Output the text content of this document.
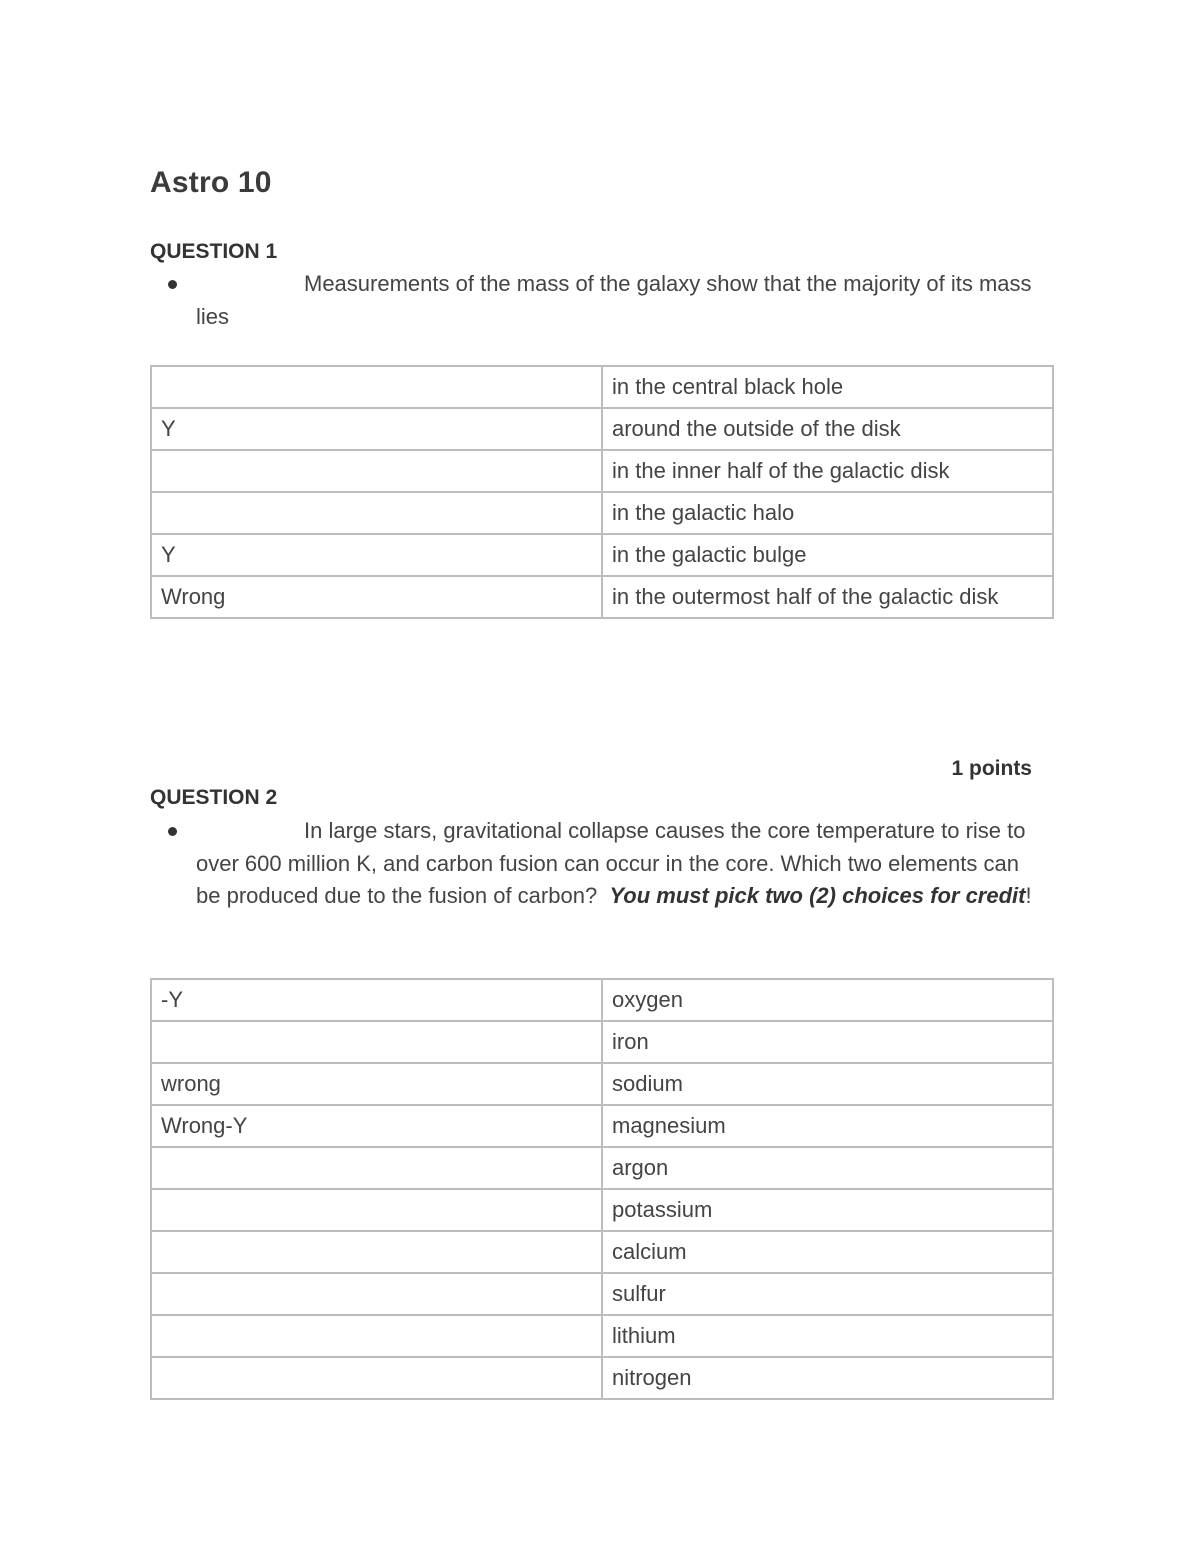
Astro 10
QUESTION 1

Measurements of the mass of the galaxy show that the majority of its mass lies

	in the central black hole
Y	around the outside of the disk
	in the inner half of the galactic disk
	in the galactic halo
Y	in the galactic bulge
Wrong	in the outermost half of the galactic disk
1 points
QUESTION 2

In large stars, gravitational collapse causes the core temperature to rise to over 600 million K, and carbon fusion can occur in the core. Which two elements can be produced due to the fusion of carbon? You must pick two (2) choices for credit!

-Y	oxygen
	iron
wrong	sodium
Wrong-Y	magnesium
	argon
	potassium
	calcium
	sulfur
	lithium
	nitrogen
